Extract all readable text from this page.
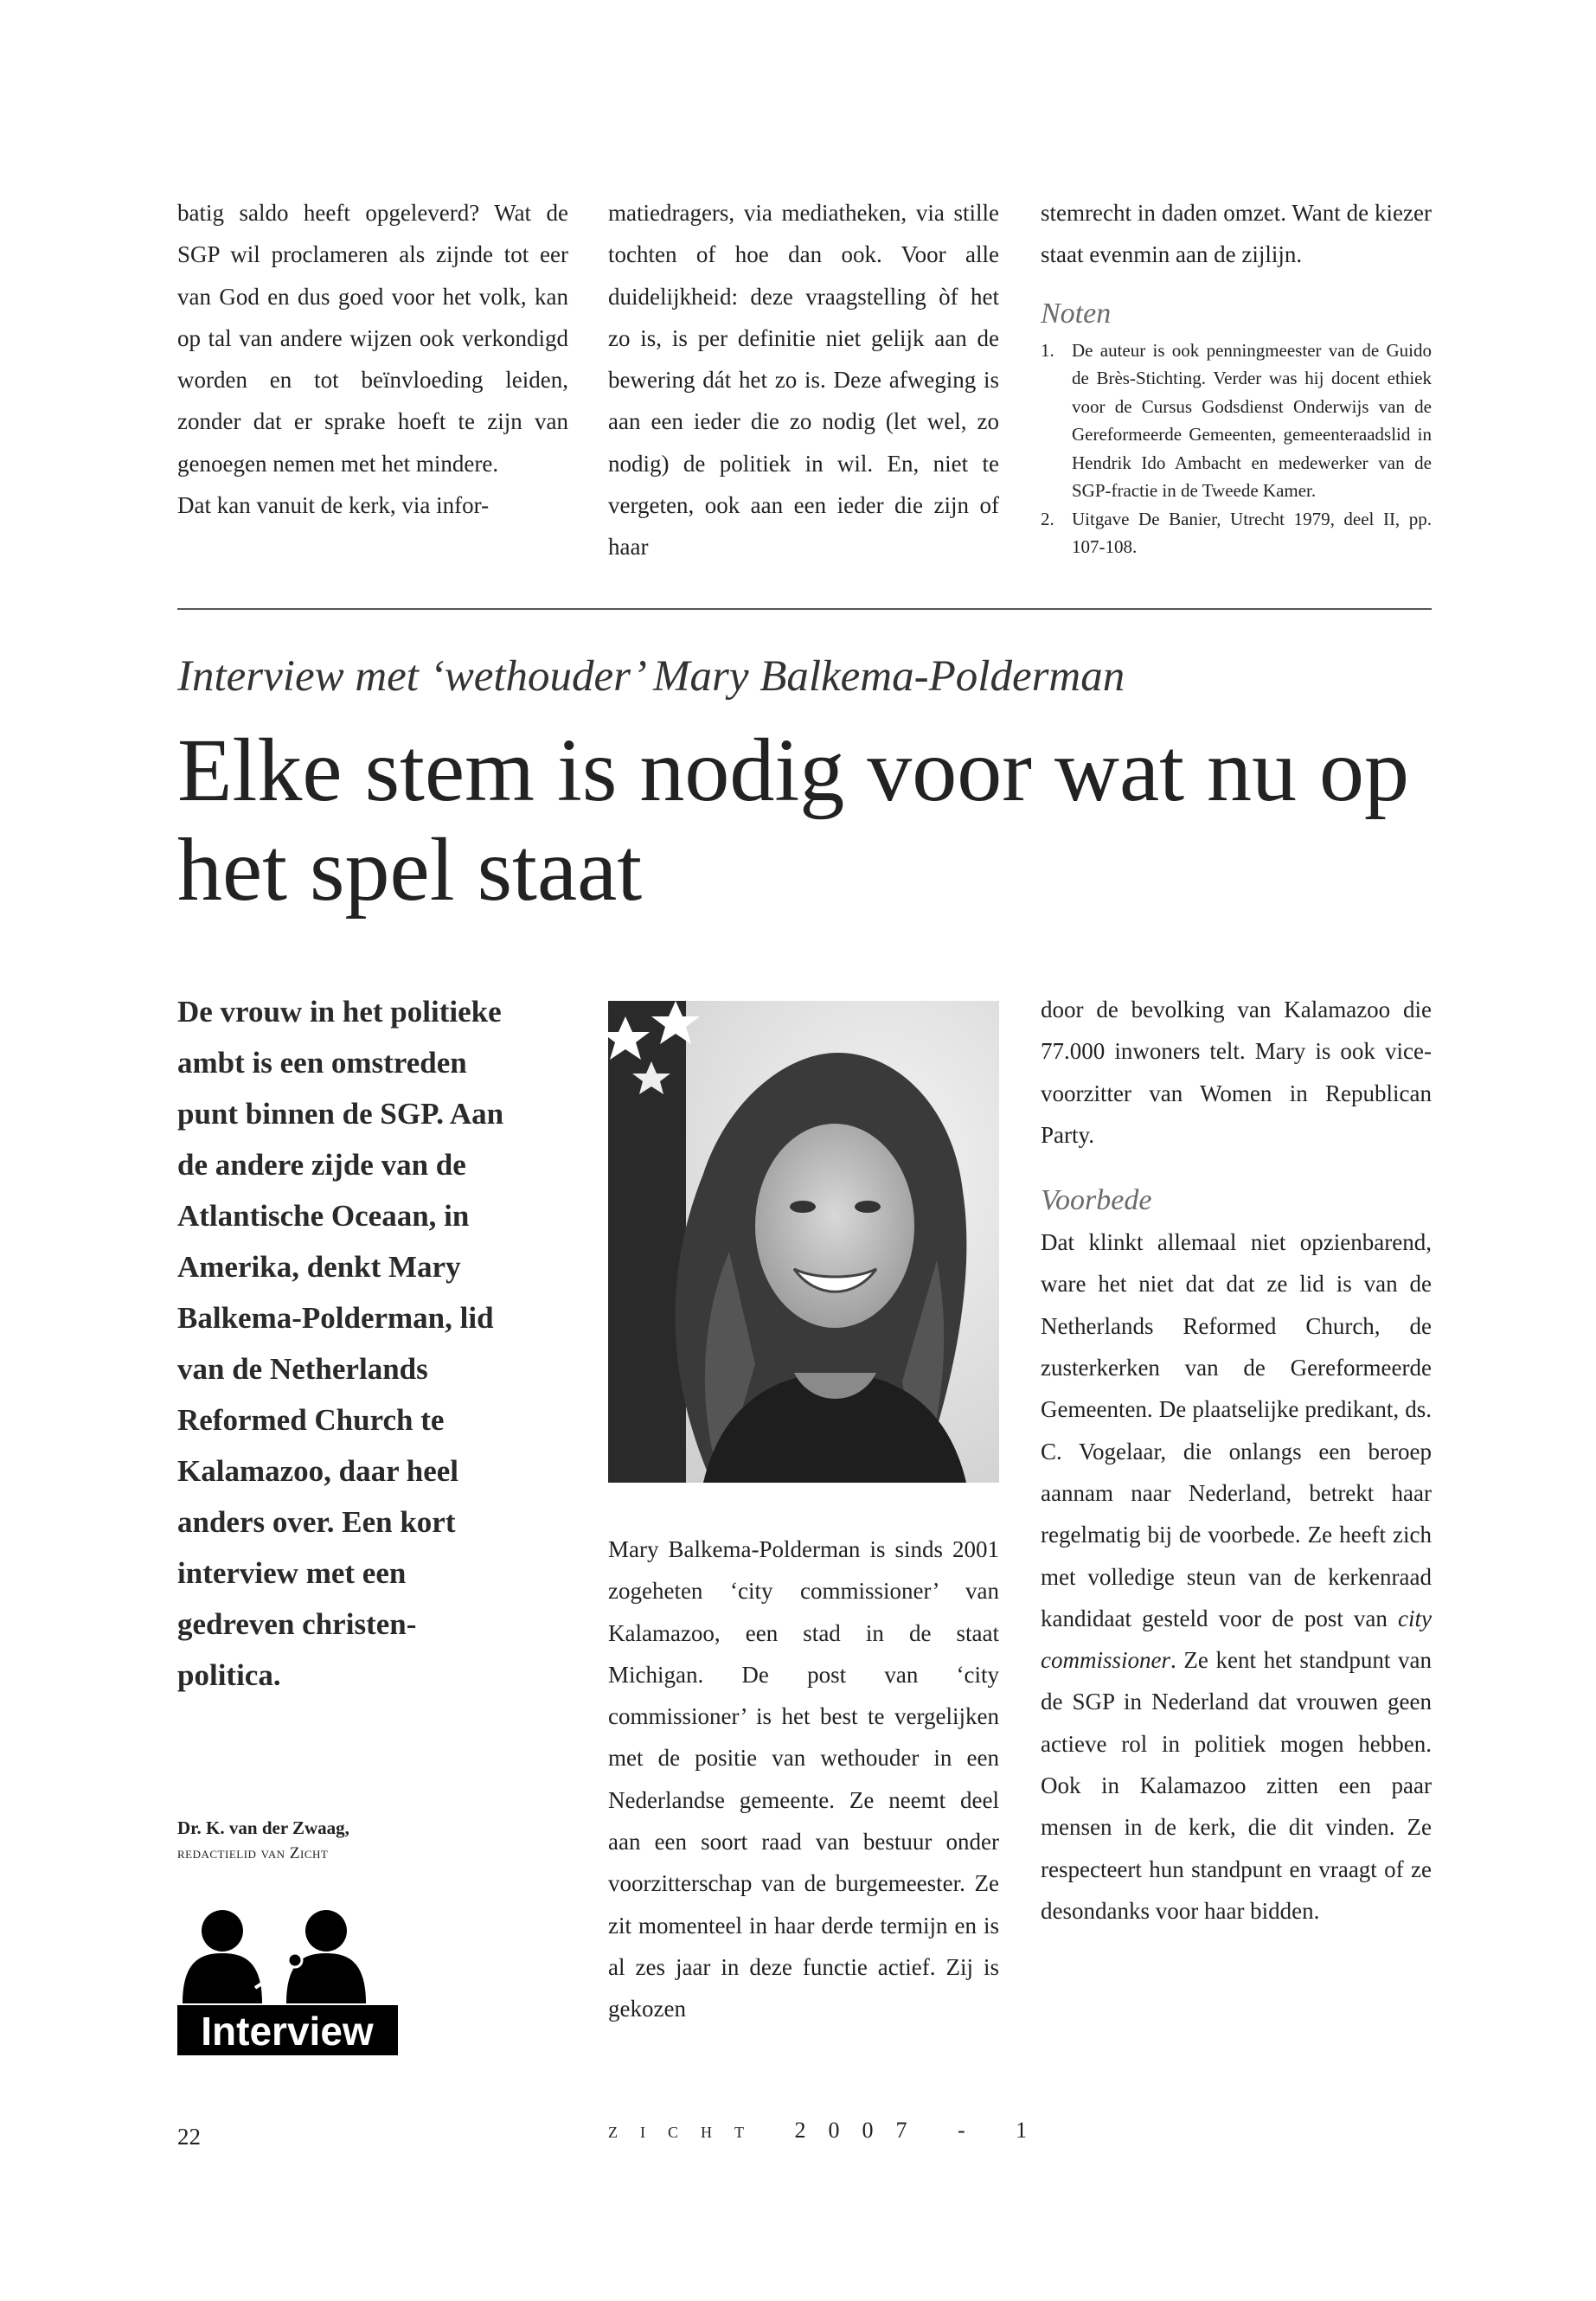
batig saldo heeft opgeleverd? Wat de SGP wil proclameren als zijnde tot eer van God en dus goed voor het volk, kan op tal van andere wijzen ook verkondigd worden en tot beïnvloeding leiden, zonder dat er sprake hoeft te zijn van genoegen nemen met het mindere.

Dat kan vanuit de kerk, via infor-

matiedragers, via mediatheken, via stille tochten of hoe dan ook. Voor alle duidelijkheid: deze vraagstelling òf het zo is, is per definitie niet gelijk aan de bewering dát het zo is. Deze afweging is aan een ieder die zo nodig (let wel, zo nodig) de politiek in wil. En, niet te vergeten, ook aan een ieder die zijn of haar

stemrecht in daden omzet. Want de kiezer staat evenmin aan de zijlijn.

Noten
1. De auteur is ook penningmeester van de Guido de Brès-Stichting. Verder was hij docent ethiek voor de Cursus Godsdienst Onderwijs van de Gereformeerde Gemeenten, gemeenteraadslid in Hendrik Ido Ambacht en medewerker van de SGP-fractie in de Tweede Kamer.
2. Uitgave De Banier, Utrecht 1979, deel II, pp. 107-108.
Interview met ‘wethouder’ Mary Balkema-Polderman
Elke stem is nodig voor wat nu op het spel staat
De vrouw in het politieke ambt is een omstreden punt binnen de SGP. Aan de andere zijde van de Atlantische Oceaan, in Amerika, denkt Mary Balkema-Polderman, lid van de Netherlands Reformed Church te Kalamazoo, daar heel anders over. Een kort interview met een gedreven christen-politica.
Dr. K. van der Zwaag,
redactielid van Zicht
Interview

Mary Balkema-Polderman is sinds 2001 zogeheten ‘city commissioner’ van Kalamazoo, een stad in de staat Michigan. De post van ‘city commissioner’ is het best te vergelijken met de positie van wethouder in een Nederlandse gemeente. Ze neemt deel aan een soort raad van bestuur onder voorzitterschap van de burgemeester. Ze zit momenteel in haar derde termijn en is al zes jaar in deze functie actief. Zij is gekozen

door de bevolking van Kalamazoo die 77.000 inwoners telt. Mary is ook vice-voorzitter van Women in Republican Party.

Voorbede

Dat klinkt allemaal niet opzienbarend, ware het niet dat dat ze lid is van de Netherlands Reformed Church, de zusterkerken van de Gereformeerde Gemeenten. De plaatselijke predikant, ds. C. Vogelaar, die onlangs een beroep aannam naar Nederland, betrekt haar regelmatig bij de voorbede. Ze heeft zich met volledige steun van de kerkenraad kandidaat gesteld voor de post van city commissioner. Ze kent het standpunt van de SGP in Nederland dat vrouwen geen actieve rol in politiek mogen hebben. Ook in Kalamazoo zitten een paar mensen in de kerk, die dit vinden. Ze respecteert hun standpunt en vraagt of ze desondanks voor haar bidden.

22	zicht 2007 - 1
